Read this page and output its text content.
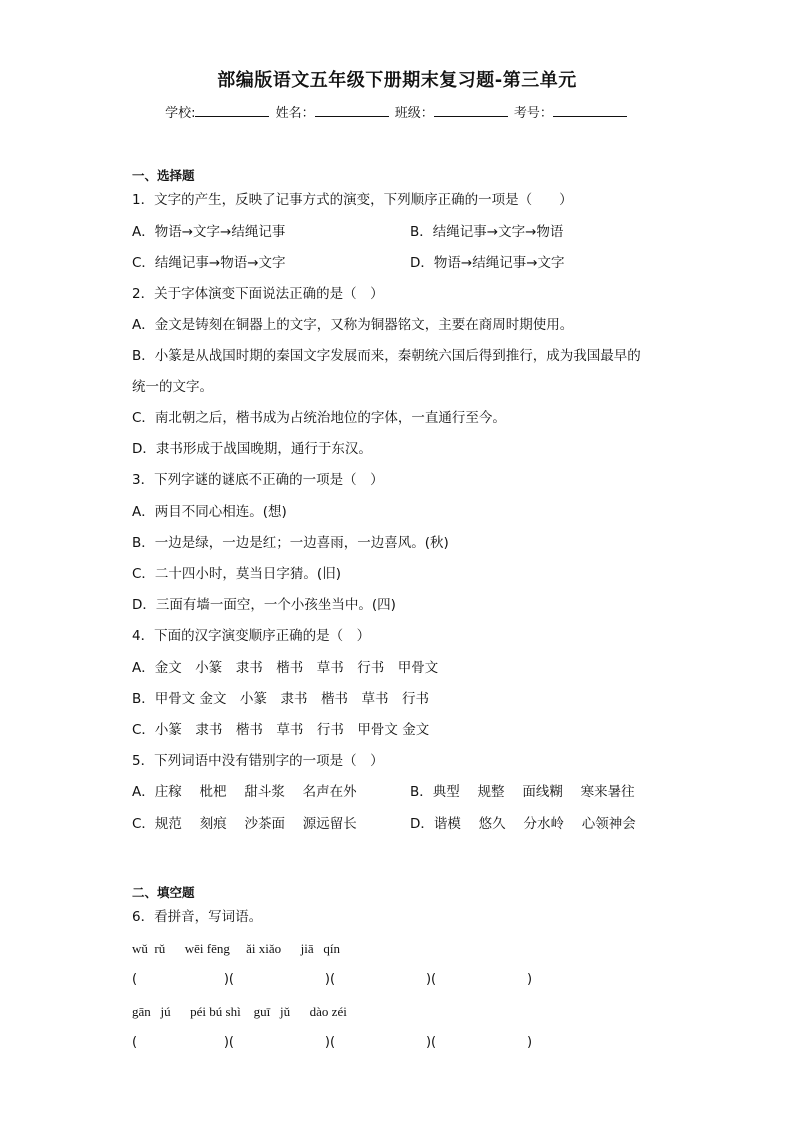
部编版语文五年级下册期末复习题-第三单元
学校:	姓名：	班级：	考号：
一、选择题
1．文字的产生，反映了记事方式的演变，下列顺序正确的一项是（　　）
A．物语→文字→结绳记事	B．结绳记事→文字→物语
C．结绳记事→物语→文字	D．物语→结绳记事→文字
2．关于字体演变下面说法正确的是（　）
A．金文是铸刻在铜器上的文字，又称为铜器铭文，主要在商周时期使用。
B．小篆是从战国时期的秦国文字发展而来，秦朝统六国后得到推行，成为我国最早的
统一的文字。
C．南北朝之后，楷书成为占统治地位的字体，一直通行至今。
D．隶书形成于战国晚期，通行于东汉。
3．下列字谜的谜底不正确的一项是（　）
A．两目不同心相连。(想)
B．一边是绿，一边是红；一边喜雨，一边喜风。(秋)
C．二十四小时，莫当日字猜。(旧)
D．三面有墙一面空，一个小孩坐当中。(四)
4．下面的汉字演变顺序正确的是（　）
A．金文　小篆　隶书　楷书　草书　行书　甲骨文
B．甲骨文 金文　小篆　隶书　楷书　草书　行书
C．小篆　隶书　楷书　草书　行书　甲骨文 金文
5．下列词语中没有错别字的一项是（　）
A．庄稼　 枇杷　 甜斗浆　 名声在外	B．典型　 规整　 面线糊　 寒来暑往
C．规范　 刻痕　 沙茶面　 源远留长	D．谐模　 悠久　 分水岭　 心领神会
二、填空题
6．看拼音，写词语。
wǔ  rǔ      wēi fēng     ǎi xiǎo      jiā   qín
(                     )(                      )(                      )(                      )
gān   jú      péi bú shì    guī   jǔ      dào zéi
(                     )(                      )(                      )(                      )
